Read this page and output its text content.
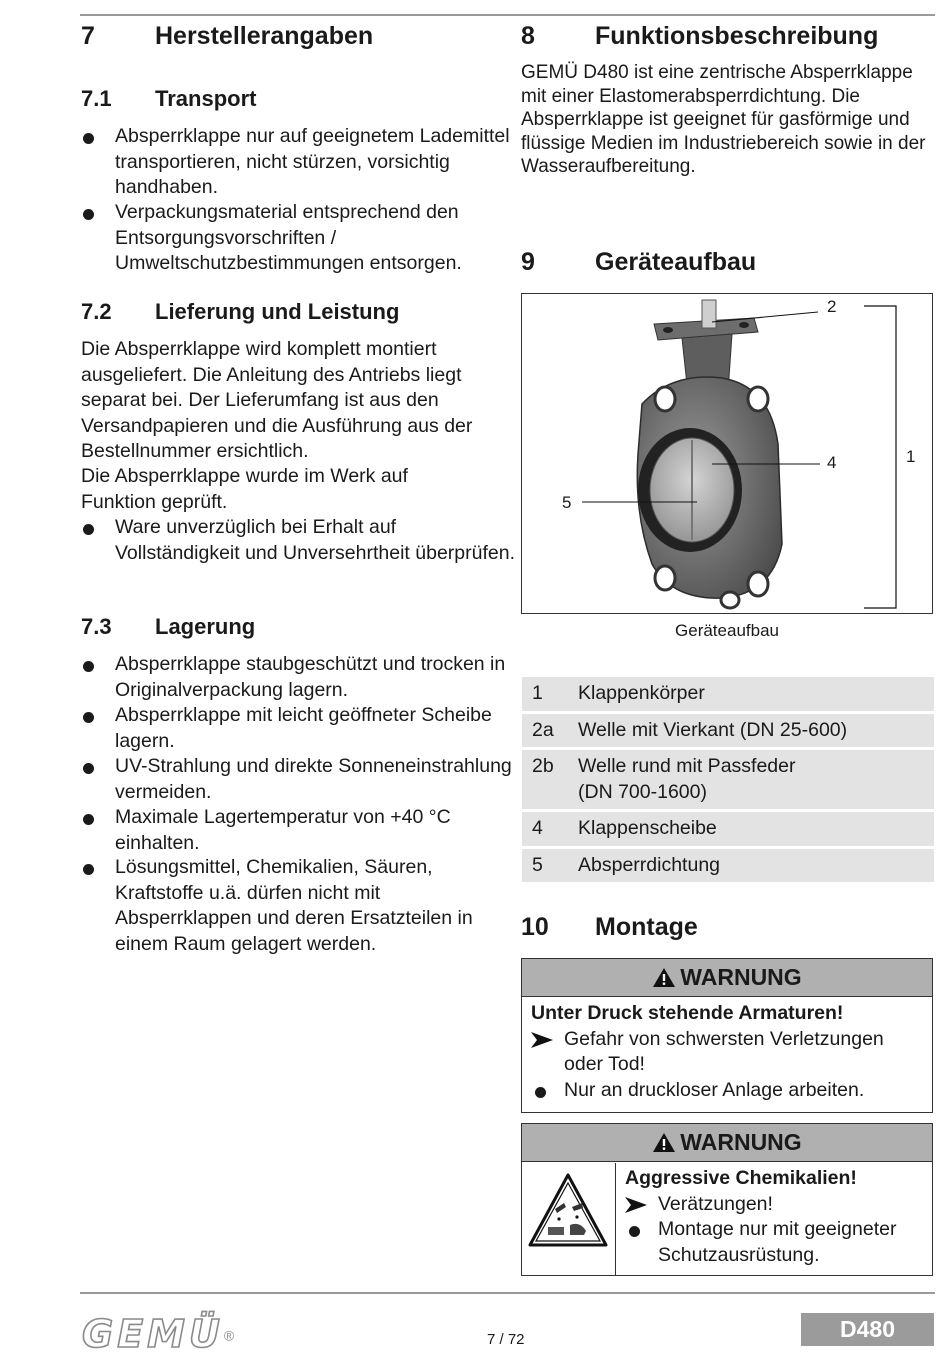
7 Herstellerangaben
7.1 Transport
Absperrklappe nur auf geeignetem Lademittel transportieren, nicht stürzen, vorsichtig handhaben.
Verpackungsmaterial entsprechend den Entsorgungsvorschriften / Umweltschutzbestimmungen entsorgen.
7.2 Lieferung und Leistung

Die Absperrklappe wird komplett montiert ausgeliefert. Die Anleitung des Antriebs liegt separat bei. Der Lieferumfang ist aus den Versandpapieren und die Ausführung aus der Bestellnummer ersichtlich.

Die Absperrklappe wurde im Werk auf Funktion geprüft.

Ware unverzüglich bei Erhalt auf Vollständigkeit und Unversehrtheit überprüfen.
7.3 Lagerung
Absperrklappe staubgeschützt und trocken in Originalverpackung lagern.
Absperrklappe mit leicht geöffneter Scheibe lagern.
UV-Strahlung und direkte Sonneneinstrahlung vermeiden.
Maximale Lagertemperatur von +40 °C einhalten.
Lösungsmittel, Chemikalien, Säuren, Kraftstoffe u.ä. dürfen nicht mit Absperrklappen und deren Ersatzteilen in einem Raum gelagert werden.
8 Funktionsbeschreibung

GEMÜ D480 ist eine zentrische Absperrklappe mit einer Elastomerabsperrdichtung. Die Absperrklappe ist geeignet für gasförmige und flüssige Medien im Industriebereich sowie in der Wasseraufbereitung.

9 Geräteaufbau
2
4	1
5
Geräteaufbau
1 Klappenkörper
2a Welle mit Vierkant (DN 25-600)
2b Welle rund mit Passfeder (DN 700-1600)
4 Klappenscheibe
5 Absperrdichtung
10 Montage
WARNUNG
Unter Druck stehende Armaturen!
Gefahr von schwersten Verletzungen oder Tod!
Nur an druckloser Anlage arbeiten.
WARNUNG
Aggressive Chemikalien!
Verätzungen!
Montage nur mit geeigneter Schutzausrüstung.
GEMÜ®	7 / 72	D480
